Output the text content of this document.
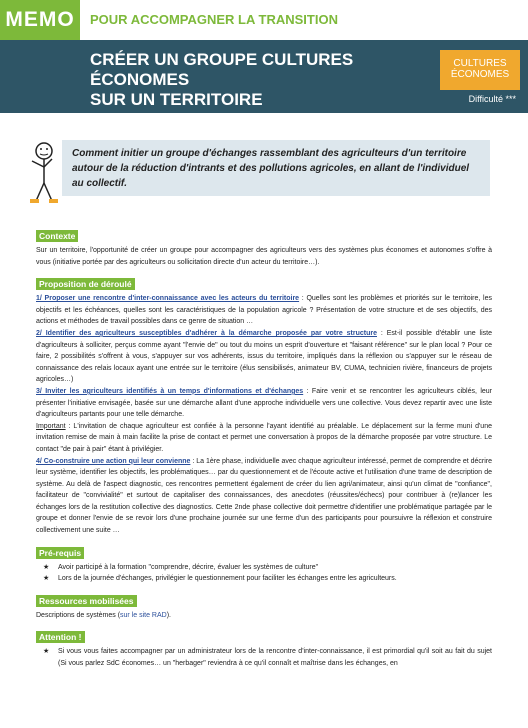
MEMO	POUR ACCOMPAGNER LA TRANSITION
CRÉER UN GROUPE CULTURES ÉCONOMES
SUR UN TERRITOIRE
CULTURES
ÉCONOMES
Difficulté ***
Comment initier un groupe d'échanges rassemblant des agriculteurs d'un territoire autour de la réduction d'intrants et des pollutions agricoles, en allant de l'individuel au collectif.
Contexte

Sur un territoire, l'opportunité de créer un groupe pour accompagner des agriculteurs vers des systèmes plus économes et autonomes s'offre à vous (initiative portée par des agriculteurs ou sollicitation directe d'un acteur du territoire…).

Proposition de déroulé

1/ Proposer une rencontre d'inter-connaissance avec les acteurs du territoire : Quelles sont les problèmes et priorités sur le territoire, les objectifs et les échéances, quelles sont les caractéristiques de la population agricole ? Présentation de votre structure et de ses objectifs, des actions et méthodes de travail possibles dans ce genre de situation …

2/ Identifier des agriculteurs susceptibles d'adhérer à la démarche proposée par votre structure : Est-il possible d'établir une liste d'agriculteurs à solliciter, perçus comme ayant "l'envie de" ou tout du moins un esprit d'ouverture et "faisant référence" sur le plan local ? Pour ce faire, 2 possibilités s'offrent à vous, s'appuyer sur vos adhérents, issus du territoire, impliqués dans la réflexion ou s'appuyer sur le réseau de connaissance des relais locaux ayant une entrée sur le territoire (élus sensibilisés, animateur BV, CUMA, technicien rivière, financeurs de projets agricoles…)

3/ Inviter les agriculteurs identifiés à un temps d'informations et d'échanges : Faire venir et se rencontrer les agriculteurs ciblés, leur présenter l'initiative envisagée, basée sur une démarche allant d'une approche individuelle vers une collective. Vous devez repartir avec une liste d'agriculteurs partants pour une telle démarche.

Important : L'invitation de chaque agriculteur est confiée à la personne l'ayant identifié au préalable. Le déplacement sur la ferme muni d'une invitation remise de main à main facilite la prise de contact et permet une conversation à propos de la démarche proposée par votre structure. Le contact "de pair à pair" étant à privilégier.

4/ Co-construire une action qui leur convienne : La 1ère phase, individuelle avec chaque agriculteur intéressé, permet de comprendre et décrire leur système, identifier les objectifs, les problématiques… par du questionnement et de l'écoute active et l'utilisation d'une trame de description de système. Au delà de l'aspect diagnostic, ces rencontres permettent également de créer du lien agri/animateur, ainsi qu'un climat de "confiance", facilitateur de "convivialité" et surtout de capitaliser des connaissances, des anecdotes (réussites/échecs) pour contribuer à (re)lancer les échanges lors de la restitution collective des diagnostics. Cette 2nde phase collective doit permettre d'identifier une problématique partagée par le groupe et donner l'envie de se revoir lors d'une prochaine journée sur une ferme d'un des participants pour poursuivre la réflexion et construire collectivement une suite …

Pré-requis
★ Avoir participé à la formation "comprendre, décrire, évaluer les systèmes de culture"
★ Lors de la journée d'échanges, privilégier le questionnement pour faciliter les échanges entre les agriculteurs.
Ressources mobilisées

Descriptions de systèmes (sur le site RAD).

Attention !
★ Si vous vous faites accompagner par un administrateur lors de la rencontre d'inter-connaissance, il est primordial qu'il soit au fait du sujet (Si vous parlez SdC économes… un "herbager" reviendra à ce qu'il connaît et maîtrise dans les échanges, en
